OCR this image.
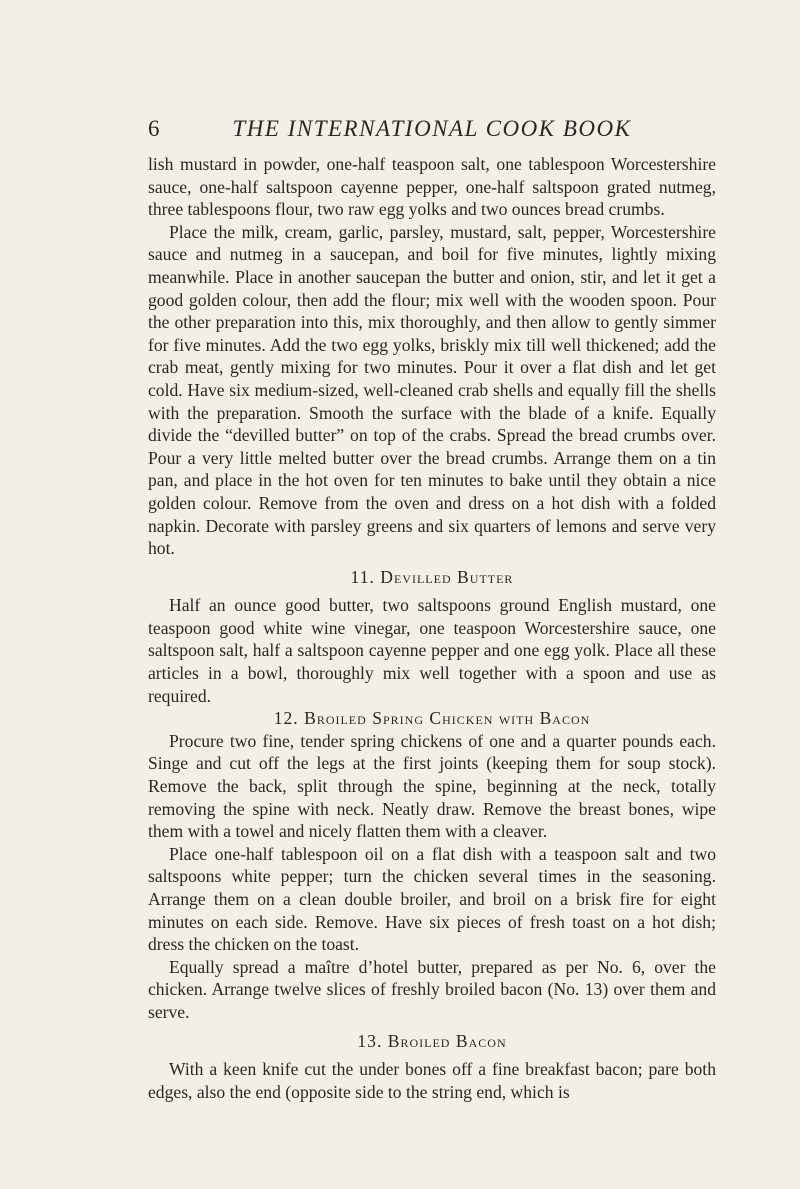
6	THE INTERNATIONAL COOK BOOK

lish mustard in powder, one-half teaspoon salt, one tablespoon Worcestershire sauce, one-half saltspoon cayenne pepper, one-half saltspoon grated nutmeg, three tablespoons flour, two raw egg yolks and two ounces bread crumbs.

Place the milk, cream, garlic, parsley, mustard, salt, pepper, Worcestershire sauce and nutmeg in a saucepan, and boil for five minutes, lightly mixing meanwhile. Place in another saucepan the butter and onion, stir, and let it get a good golden colour, then add the flour; mix well with the wooden spoon. Pour the other preparation into this, mix thoroughly, and then allow to gently simmer for five minutes. Add the two egg yolks, briskly mix till well thickened; add the crab meat, gently mixing for two minutes. Pour it over a flat dish and let get cold. Have six medium-sized, well-cleaned crab shells and equally fill the shells with the preparation. Smooth the surface with the blade of a knife. Equally divide the “devilled butter” on top of the crabs. Spread the bread crumbs over. Pour a very little melted butter over the bread crumbs. Arrange them on a tin pan, and place in the hot oven for ten minutes to bake until they obtain a nice golden colour. Remove from the oven and dress on a hot dish with a folded napkin. Decorate with parsley greens and six quarters of lemons and serve very hot.

11. Devilled Butter

Half an ounce good butter, two saltspoons ground English mustard, one teaspoon good white wine vinegar, one teaspoon Worcestershire sauce, one saltspoon salt, half a saltspoon cayenne pepper and one egg yolk. Place all these articles in a bowl, thoroughly mix well together with a spoon and use as required.

12. Broiled Spring Chicken with Bacon

Procure two fine, tender spring chickens of one and a quarter pounds each. Singe and cut off the legs at the first joints (keeping them for soup stock). Remove the back, split through the spine, beginning at the neck, totally removing the spine with neck. Neatly draw. Remove the breast bones, wipe them with a towel and nicely flatten them with a cleaver.

Place one-half tablespoon oil on a flat dish with a teaspoon salt and two saltspoons white pepper; turn the chicken several times in the seasoning. Arrange them on a clean double broiler, and broil on a brisk fire for eight minutes on each side. Remove. Have six pieces of fresh toast on a hot dish; dress the chicken on the toast.

Equally spread a maître d’hotel butter, prepared as per No. 6, over the chicken. Arrange twelve slices of freshly broiled bacon (No. 13) over them and serve.

13. Broiled Bacon

With a keen knife cut the under bones off a fine breakfast bacon; pare both edges, also the end (opposite side to the string end, which is
